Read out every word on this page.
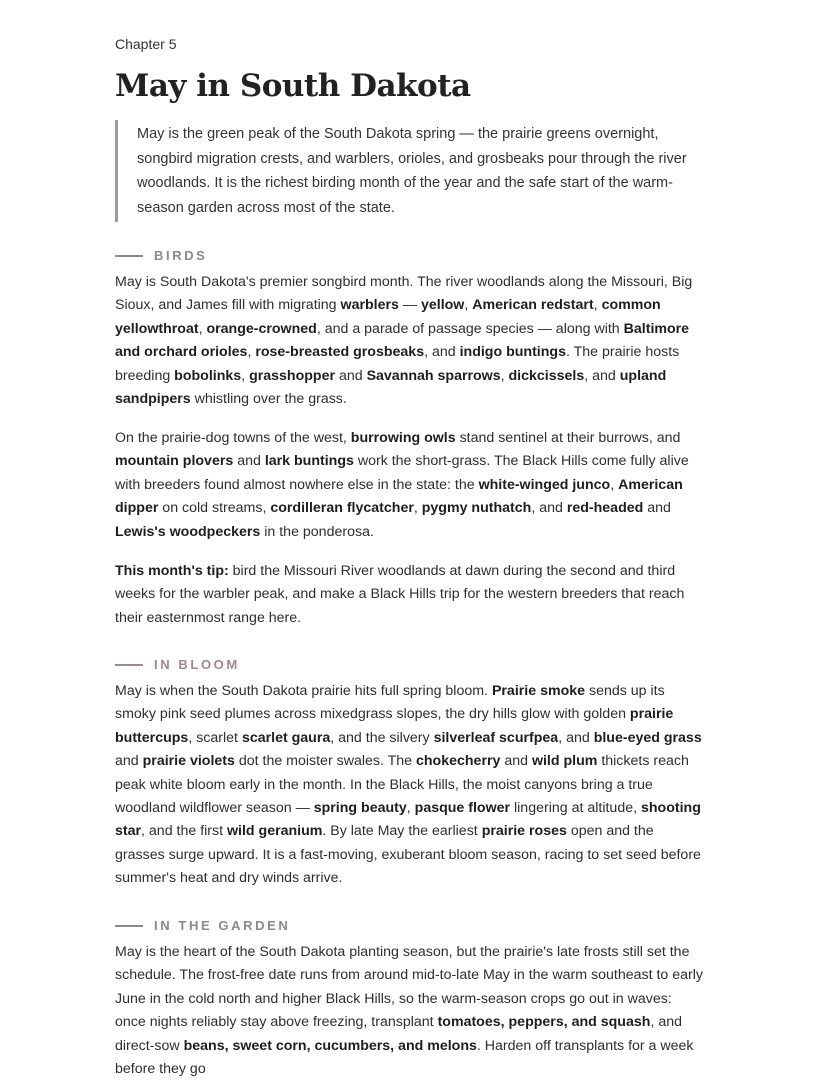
Chapter 5
May in South Dakota
May is the green peak of the South Dakota spring — the prairie greens overnight, songbird migration crests, and warblers, orioles, and grosbeaks pour through the river woodlands. It is the richest birding month of the year and the safe start of the warm-season garden across most of the state.
BIRDS

May is South Dakota's premier songbird month. The river woodlands along the Missouri, Big Sioux, and James fill with migrating warblers — yellow, American redstart, common yellowthroat, orange-crowned, and a parade of passage species — along with Baltimore and orchard orioles, rose-breasted grosbeaks, and indigo buntings. The prairie hosts breeding bobolinks, grasshopper and Savannah sparrows, dickcissels, and upland sandpipers whistling over the grass.

On the prairie-dog towns of the west, burrowing owls stand sentinel at their burrows, and mountain plovers and lark buntings work the short-grass. The Black Hills come fully alive with breeders found almost nowhere else in the state: the white-winged junco, American dipper on cold streams, cordilleran flycatcher, pygmy nuthatch, and red-headed and Lewis's woodpeckers in the ponderosa.

This month's tip: bird the Missouri River woodlands at dawn during the second and third weeks for the warbler peak, and make a Black Hills trip for the western breeders that reach their easternmost range here.

IN BLOOM

May is when the South Dakota prairie hits full spring bloom. Prairie smoke sends up its smoky pink seed plumes across mixedgrass slopes, the dry hills glow with golden prairie buttercups, scarlet scarlet gaura, and the silvery silverleaf scurfpea, and blue-eyed grass and prairie violets dot the moister swales. The chokecherry and wild plum thickets reach peak white bloom early in the month. In the Black Hills, the moist canyons bring a true woodland wildflower season — spring beauty, pasque flower lingering at altitude, shooting star, and the first wild geranium. By late May the earliest prairie roses open and the grasses surge upward. It is a fast-moving, exuberant bloom season, racing to set seed before summer's heat and dry winds arrive.

IN THE GARDEN

May is the heart of the South Dakota planting season, but the prairie's late frosts still set the schedule. The frost-free date runs from around mid-to-late May in the warm southeast to early June in the cold north and higher Black Hills, so the warm-season crops go out in waves: once nights reliably stay above freezing, transplant tomatoes, peppers, and squash, and direct-sow beans, sweet corn, cucumbers, and melons. Harden off transplants for a week before they go
